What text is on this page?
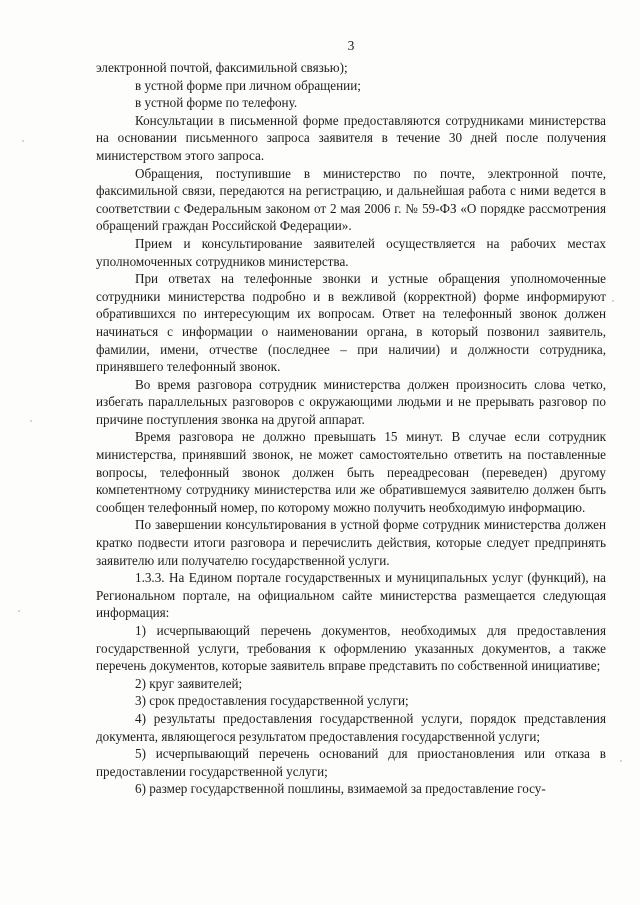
3

электронной почтой, факсимильной связью);

в устной форме при личном обращении;

в устной форме по телефону.

Консультации в письменной форме предоставляются сотрудниками министерства на основании письменного запроса заявителя в течение 30 дней после получения министерством этого запроса.

Обращения, поступившие в министерство по почте, электронной почте, факсимильной связи, передаются на регистрацию, и дальнейшая работа с ними ведется в соответствии с Федеральным законом от 2 мая 2006 г. № 59-ФЗ «О порядке рассмотрения обращений граждан Российской Федерации».

Прием и консультирование заявителей осуществляется на рабочих местах уполномоченных сотрудников министерства.

При ответах на телефонные звонки и устные обращения уполномоченные сотрудники министерства подробно и в вежливой (корректной) форме информируют обратившихся по интересующим их вопросам. Ответ на телефонный звонок должен начинаться с информации о наименовании органа, в который позвонил заявитель, фамилии, имени, отчестве (последнее – при наличии) и должности сотрудника, принявшего телефонный звонок.

Во время разговора сотрудник министерства должен произносить слова четко, избегать параллельных разговоров с окружающими людьми и не прерывать разговор по причине поступления звонка на другой аппарат.

Время разговора не должно превышать 15 минут. В случае если сотрудник министерства, принявший звонок, не может самостоятельно ответить на поставленные вопросы, телефонный звонок должен быть переадресован (переведен) другому компетентному сотруднику министерства или же обратившемуся заявителю должен быть сообщен телефонный номер, по которому можно получить необходимую информацию.

По завершении консультирования в устной форме сотрудник министерства должен кратко подвести итоги разговора и перечислить действия, которые следует предпринять заявителю или получателю государственной услуги.

1.3.3. На Едином портале государственных и муниципальных услуг (функций), на Региональном портале, на официальном сайте министерства размещается следующая информация:

1) исчерпывающий перечень документов, необходимых для предоставления государственной услуги, требования к оформлению указанных документов, а также перечень документов, которые заявитель вправе представить по собственной инициативе;

2) круг заявителей;

3) срок предоставления государственной услуги;

4) результаты предоставления государственной услуги, порядок представления документа, являющегося результатом предоставления государственной услуги;

5) исчерпывающий перечень оснований для приостановления или отказа в предоставлении государственной услуги;

6) размер государственной пошлины, взимаемой за предоставление госу-
